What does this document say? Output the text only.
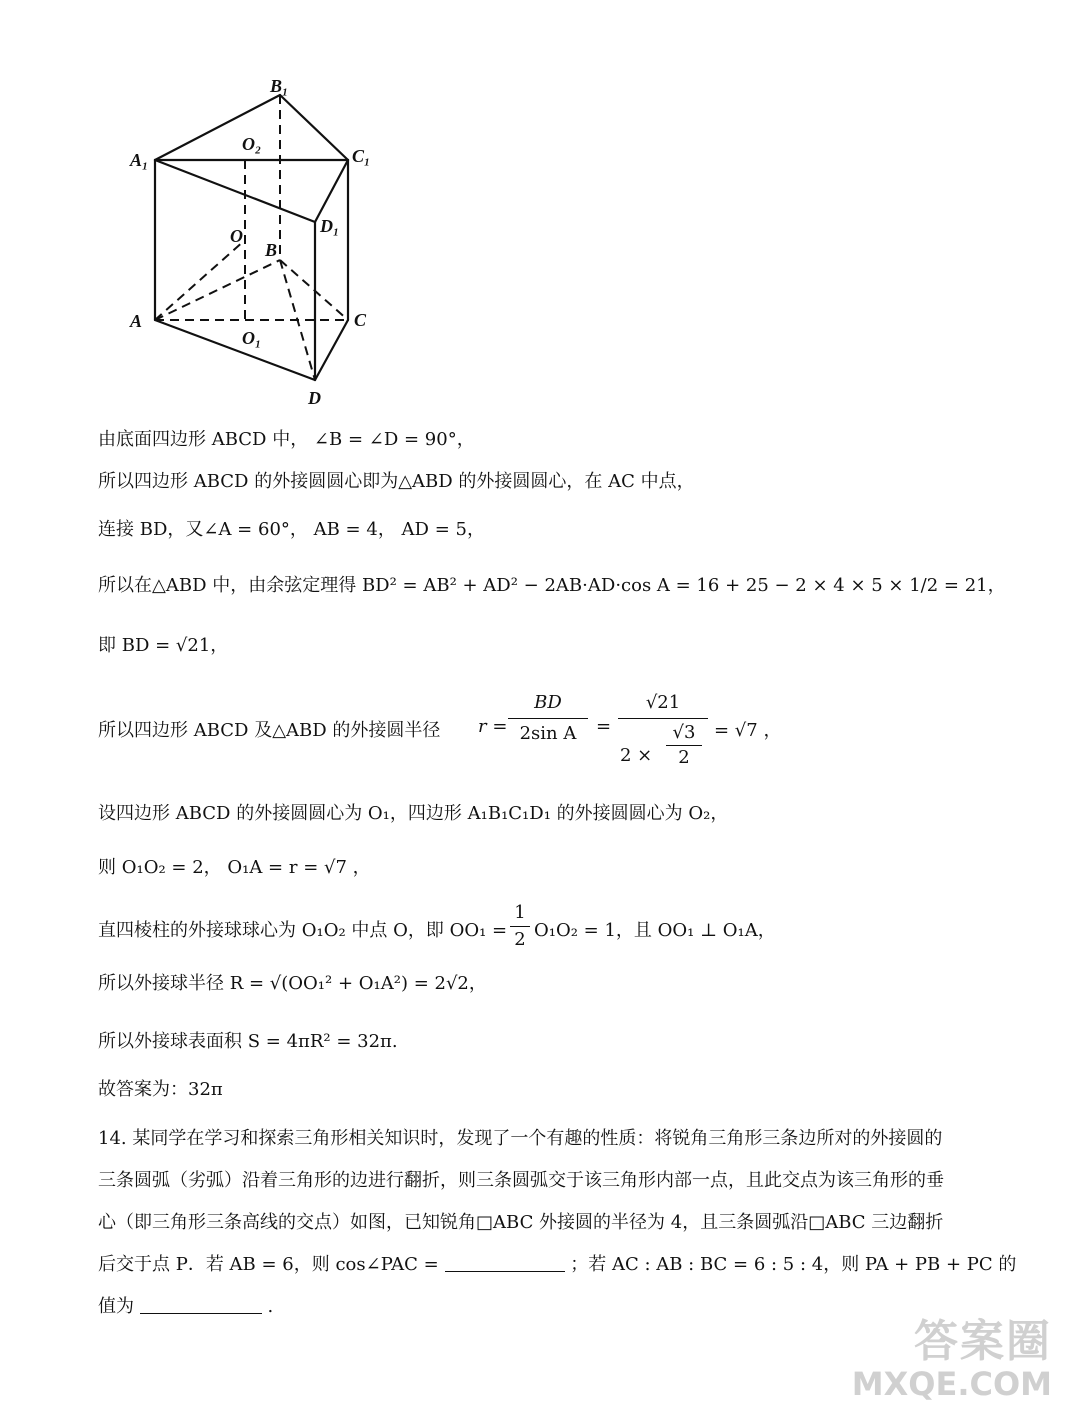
B₁
A₁
O₂
C₁
D₁
O
B
A	C
O₁
D
由底面四边形 ABCD 中， ∠B = ∠D = 90°，
所以四边形 ABCD 的外接圆圆心即为△ABD 的外接圆圆心，在 AC 中点，
连接 BD，又∠A = 60°， AB = 4， AD = 5，
所以在△ABD 中，由余弦定理得 BD² = AB² + AD² − 2AB·AD·cos A = 16 + 25 − 2 × 4 × 5 × 1/2 = 21，
即 BD = √21，
所以四边形 ABCD 及△ABD 的外接圆半径 r =
BD
2sin A	=
√21
2 ×
√3
2
= √7 ，
设四边形 ABCD 的外接圆圆心为 O₁，四边形 A₁B₁C₁D₁ 的外接圆圆心为 O₂，
则 O₁O₂ = 2， O₁A = r = √7 ，
直四棱柱的外接球球心为 O₁O₂ 中点 O，即 OO₁ =
1
2 O₁O₂ = 1，且 OO₁ ⊥ O₁A，
所以外接球半径 R = √(OO₁² + O₁A²) = 2√2，
所以外接球表面积 S = 4πR² = 32π.
故答案为：32π
14. 某同学在学习和探索三角形相关知识时，发现了一个有趣的性质：将锐角三角形三条边所对的外接圆的
三条圆弧（劣弧）沿着三角形的边进行翻折，则三条圆弧交于该三角形内部一点，且此交点为该三角形的垂
心（即三角形三条高线的交点）如图，已知锐角□ABC 外接圆的半径为 4，且三条圆弧沿□ABC 三边翻折
后交于点 P．若 AB = 6，则 cos∠PAC =	；若 AC : AB : BC = 6 : 5 : 4，则 PA + PB + PC 的
值为	.
答案圈
MXQE.COM
